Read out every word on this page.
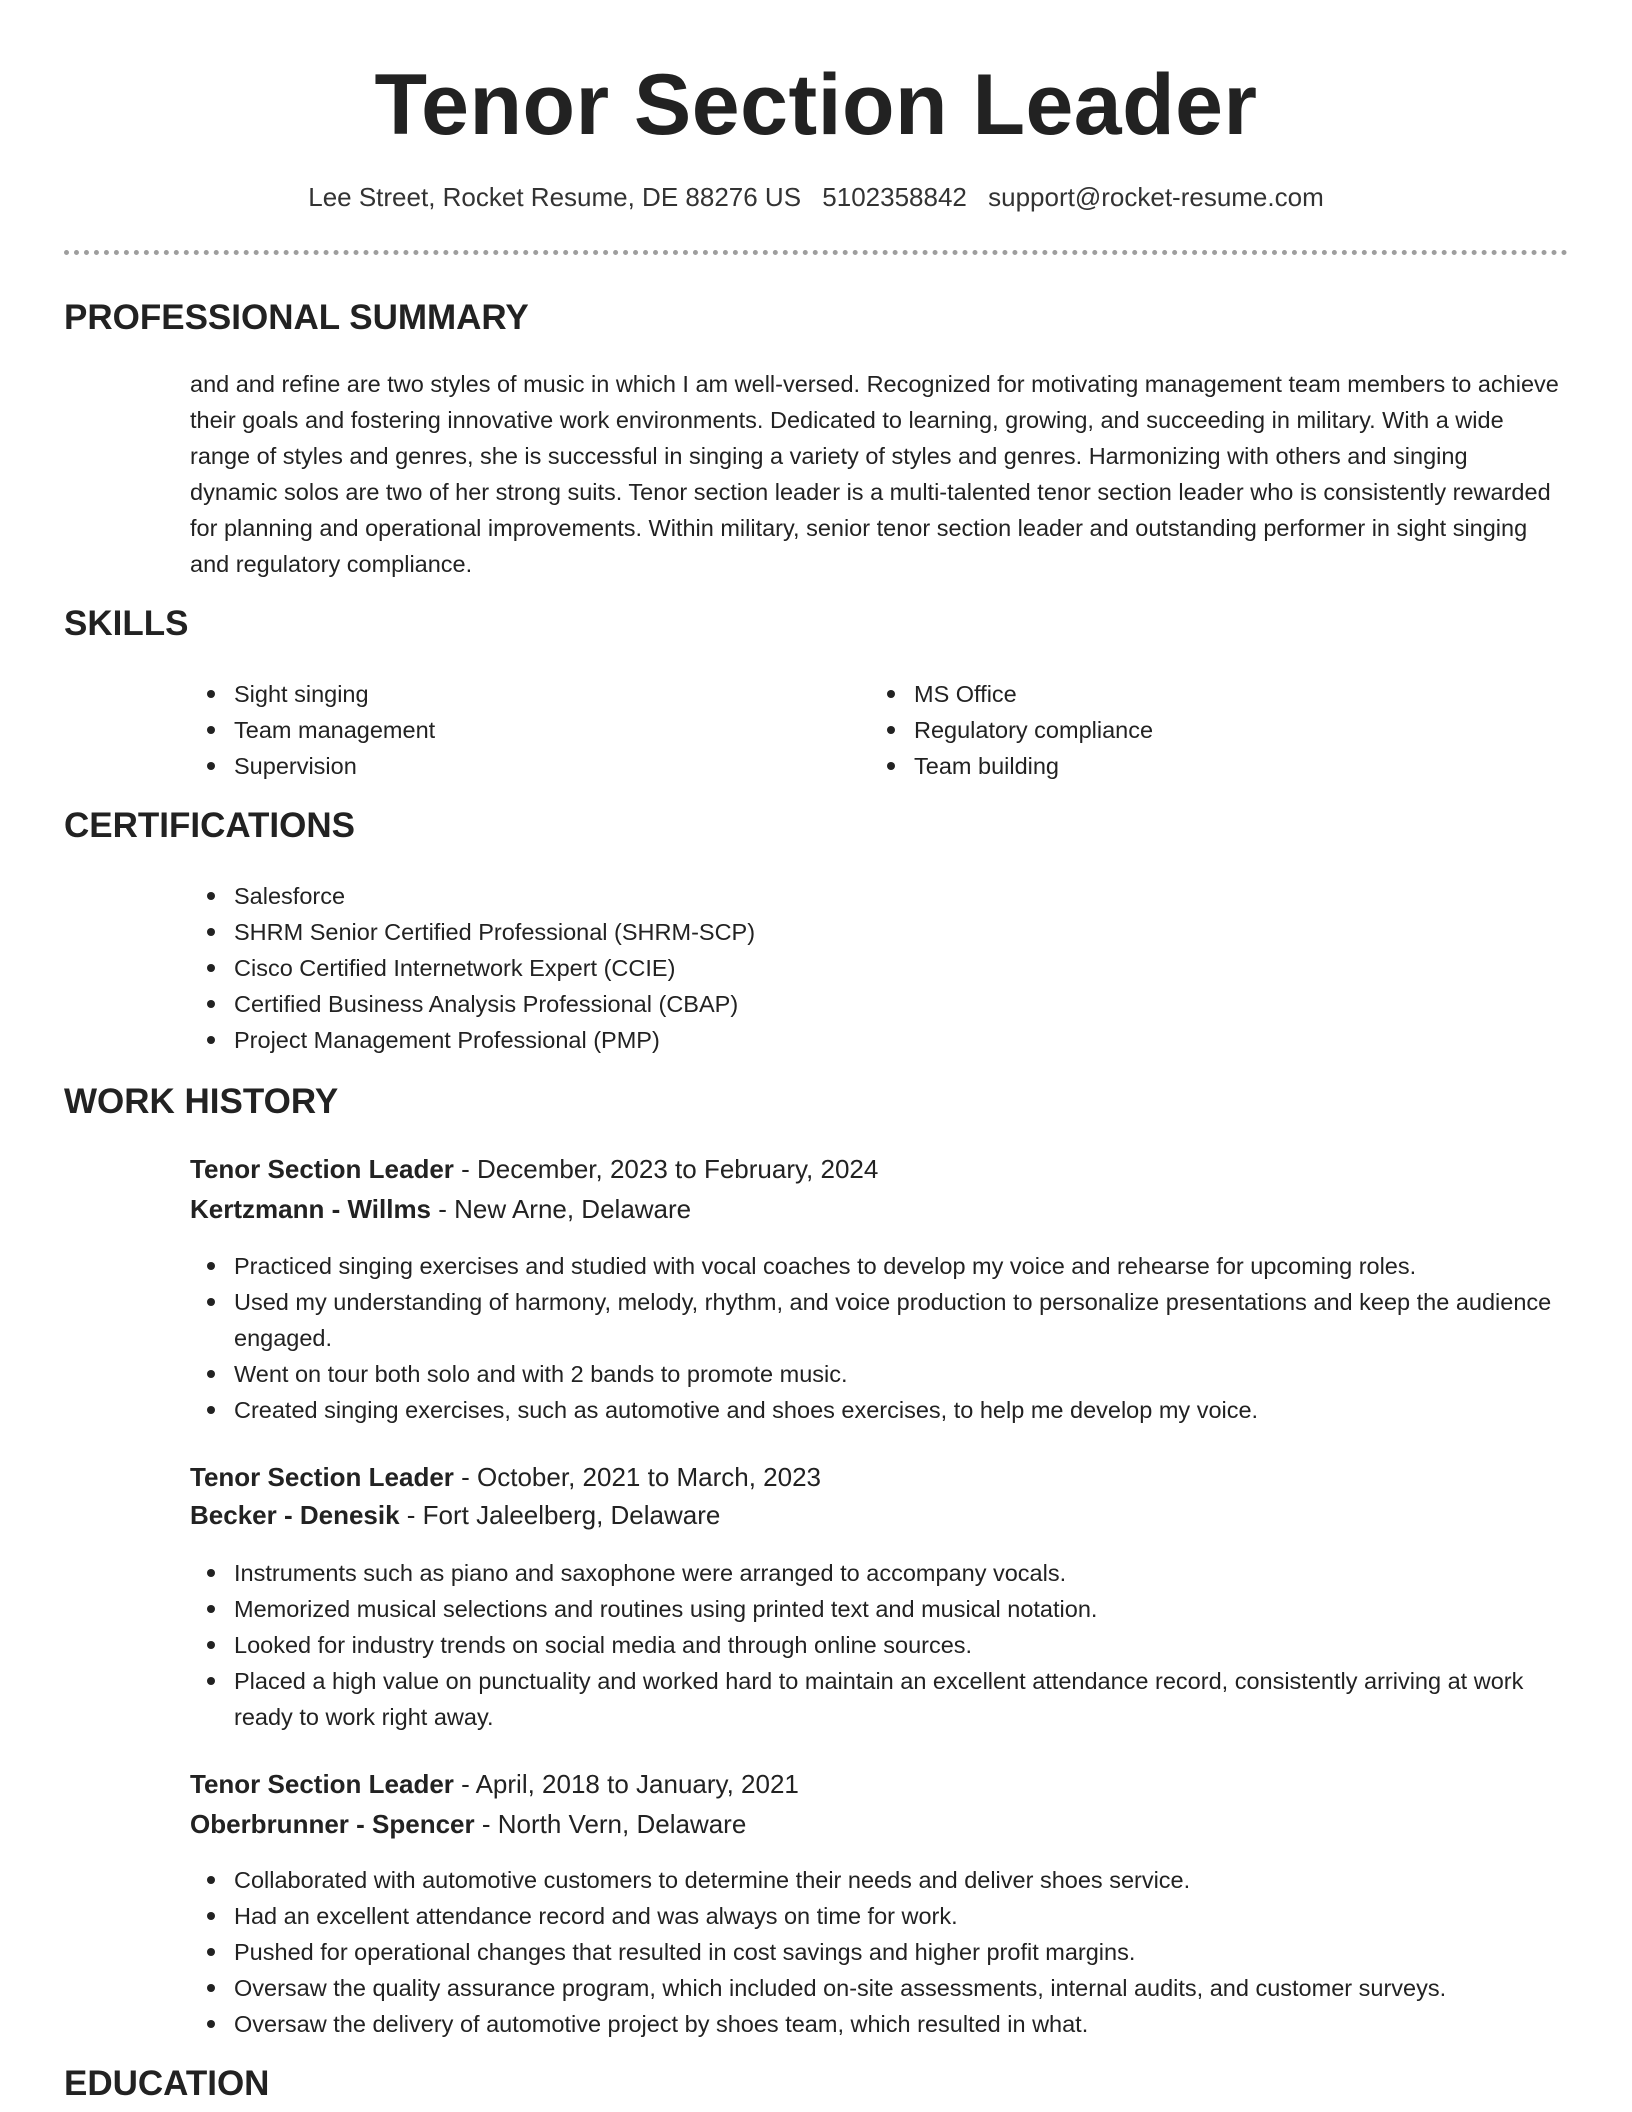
Tenor Section Leader
Lee Street, Rocket Resume, DE 88276 US 5102358842 support@rocket-resume.com
PROFESSIONAL SUMMARY

and and refine are two styles of music in which I am well-versed. Recognized for motivating management team members to achieve their goals and fostering innovative work environments. Dedicated to learning, growing, and succeeding in military. With a wide range of styles and genres, she is successful in singing a variety of styles and genres. Harmonizing with others and singing dynamic solos are two of her strong suits. Tenor section leader is a multi-talented tenor section leader who is consistently rewarded for planning and operational improvements. Within military, senior tenor section leader and outstanding performer in sight singing and regulatory compliance.

SKILLS
Sight singing
Team management
Supervision
MS Office
Regulatory compliance
Team building
CERTIFICATIONS
Salesforce
SHRM Senior Certified Professional (SHRM-SCP)
Cisco Certified Internetwork Expert (CCIE)
Certified Business Analysis Professional (CBAP)
Project Management Professional (PMP)
WORK HISTORY
Tenor Section Leader - December, 2023 to February, 2024
Kertzmann - Willms - New Arne, Delaware
Practiced singing exercises and studied with vocal coaches to develop my voice and rehearse for upcoming roles.
Used my understanding of harmony, melody, rhythm, and voice production to personalize presentations and keep the audience engaged.
Went on tour both solo and with 2 bands to promote music.
Created singing exercises, such as automotive and shoes exercises, to help me develop my voice.
Tenor Section Leader - October, 2021 to March, 2023
Becker - Denesik - Fort Jaleelberg, Delaware
Instruments such as piano and saxophone were arranged to accompany vocals.
Memorized musical selections and routines using printed text and musical notation.
Looked for industry trends on social media and through online sources.
Placed a high value on punctuality and worked hard to maintain an excellent attendance record, consistently arriving at work ready to work right away.
Tenor Section Leader - April, 2018 to January, 2021
Oberbrunner - Spencer - North Vern, Delaware
Collaborated with automotive customers to determine their needs and deliver shoes service.
Had an excellent attendance record and was always on time for work.
Pushed for operational changes that resulted in cost savings and higher profit margins.
Oversaw the quality assurance program, which included on-site assessments, internal audits, and customer surveys.
Oversaw the delivery of automotive project by shoes team, which resulted in what.
EDUCATION
